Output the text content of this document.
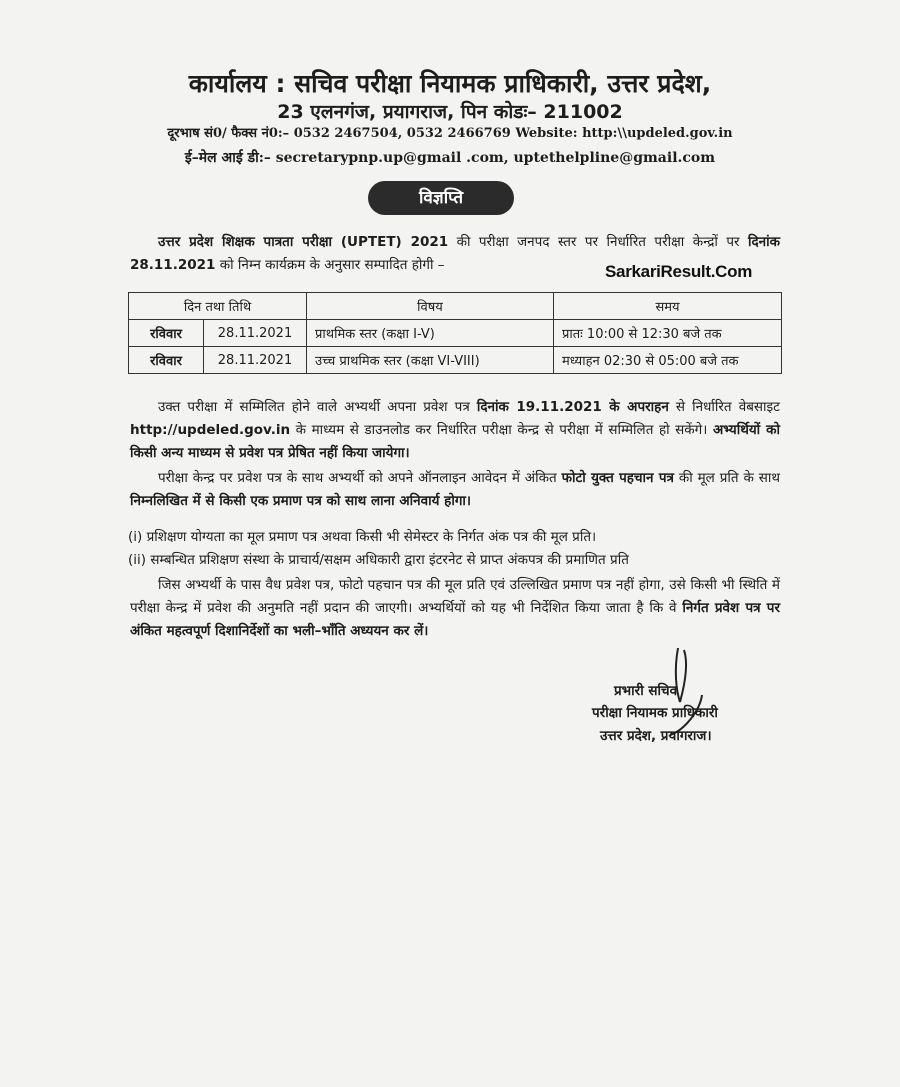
कार्यालय : सचिव परीक्षा नियामक प्राधिकारी, उत्तर प्रदेश,
23 एलनगंज, प्रयागराज, पिन कोडः– 211002
दूरभाष सं0/ फैक्स नं0:– 0532 2467504, 0532 2466769 Website: http:\\updeled.gov.in
ई–मेल आई डी:– secretarypnp.up@gmail .com, uptethelpline@gmail.com
विज्ञप्ति
उत्तर प्रदेश शिक्षक पात्रता परीक्षा (UPTET) 2021 की परीक्षा जनपद स्तर पर निर्धारित परीक्षा केन्द्रों पर दिनांक 28.11.2021 को निम्न कार्यक्रम के अनुसार सम्पादित होगी –	SarkariResult.Com
दिन तथा तिथि		विषय	समय
रविवार	28.11.2021	प्राथमिक स्तर (कक्षा I-V)	प्रातः 10:00 से 12:30 बजे तक
रविवार	28.11.2021	उच्च प्राथमिक स्तर (कक्षा VI-VIII)	मध्याहन 02:30 से 05:00 बजे तक
उक्त परीक्षा में सम्मिलित होने वाले अभ्यर्थी अपना प्रवेश पत्र दिनांक 19.11.2021 के अपराहन से निर्धारित वेबसाइट http://updeled.gov.in के माध्यम से डाउनलोड कर निर्धारित परीक्षा केन्द्र से परीक्षा में सम्मिलित हो सकेंगे। अभ्यर्थियों को किसी अन्य माध्यम से प्रवेश पत्र प्रेषित नहीं किया जायेगा।
परीक्षा केन्द्र पर प्रवेश पत्र के साथ अभ्यर्थी को अपने ऑनलाइन आवेदन में अंकित फोटो युक्त पहचान पत्र की मूल प्रति के साथ निम्नलिखित में से किसी एक प्रमाण पत्र को साथ लाना अनिवार्य होगा।
(i) प्रशिक्षण योग्यता का मूल प्रमाण पत्र अथवा किसी भी सेमेस्टर के निर्गत अंक पत्र की मूल प्रति।
(ii) सम्बन्धित प्रशिक्षण संस्था के प्राचार्य/सक्षम अधिकारी द्वारा इंटरनेट से प्राप्त अंकपत्र की प्रमाणित प्रति
जिस अभ्यर्थी के पास वैध प्रवेश पत्र, फोटो पहचान पत्र की मूल प्रति एवं उल्लिखित प्रमाण पत्र नहीं होगा, उसे किसी भी स्थिति में परीक्षा केन्द्र में प्रवेश की अनुमति नहीं प्रदान की जाएगी। अभ्यर्थियों को यह भी निर्देशित किया जाता है कि वे निर्गत प्रवेश पत्र पर अंकित महत्वपूर्ण दिशानिर्देशों का भली–भाँति अध्ययन कर लें।
प्रभारी सचिव
परीक्षा नियामक प्राधिकारी
उत्तर प्रदेश, प्रयागराज।
